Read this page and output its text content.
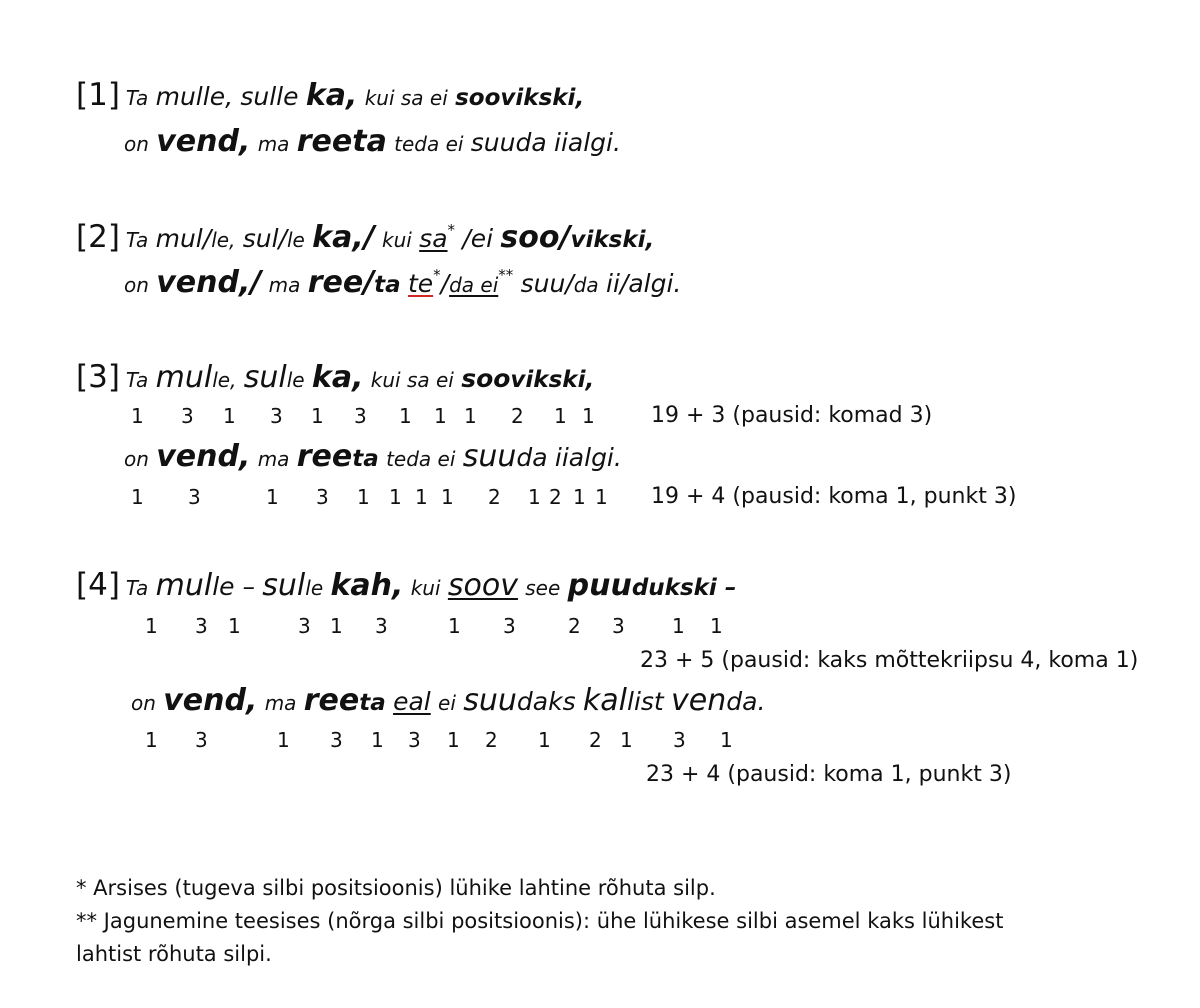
[1] Ta mulle, sulle ka, kui sa ei soovikski,
on vend, ma reeta teda ei suuda iialgi.
[2] Ta mul/le, sul/le ka,/ kui sa* /ei soo/vikski,
on vend,/ ma ree/ta te*/da ei** suu/da ii/algi.
[3] Ta mulle, sulle ka, kui sa ei soovikski,
1 3 1 3 1 3 1 1 1 2 1 1	19 + 3 (pausid: komad 3)
on vend, ma reeta teda ei suuda iialgi.
1 3	1 3 1 1 1 1 2 1 2 1 1 19 + 4 (pausid: koma 1, punkt 3)
[4] Ta mulle – sulle kah, kui soov see puudukski –
1 3 1	3 1 3	1 3	2 3 1 1
23 + 5 (pausid: kaks mõttekriipsu 4, koma 1)
on vend, ma reeta eal ei suudaks kallist venda.
1 3	1 3 1 3 1 2 1 2 1 3 1
23 + 4 (pausid: koma 1, punkt 3)
* Arsises (tugeva silbi positsioonis) lühike lahtine rõhuta silp.
** Jagunemine teesises (nõrga silbi positsioonis): ühe lühikese silbi asemel kaks lühikest
lahtist rõhuta silpi.
